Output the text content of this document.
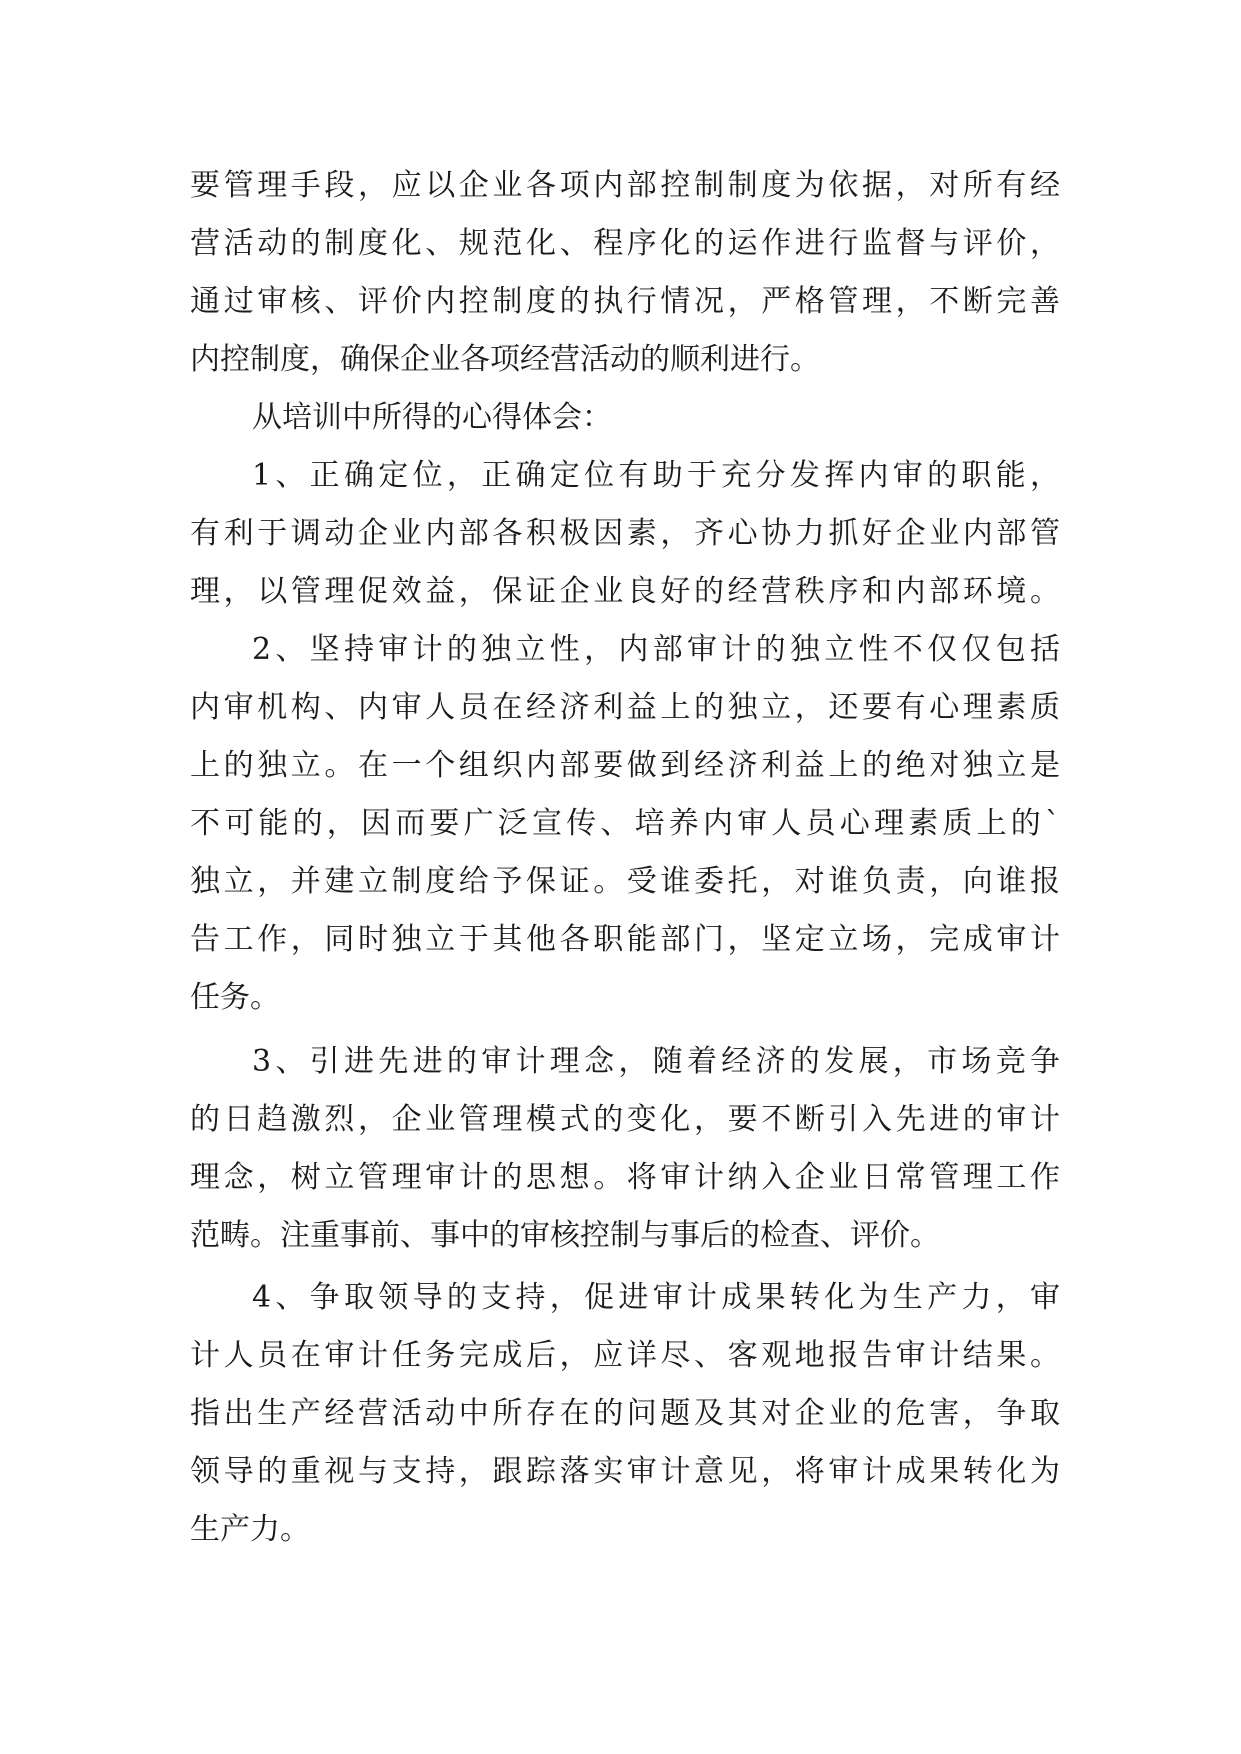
要管理手段，应以企业各项内部控制制度为依据，对所有经
营活动的制度化、规范化、程序化的运作进行监督与评价，
通过审核、评价内控制度的执行情况，严格管理，不断完善
内控制度，确保企业各项经营活动的顺利进行。
从培训中所得的心得体会：
1、正确定位，正确定位有助于充分发挥内审的职能，
有利于调动企业内部各积极因素，齐心协力抓好企业内部管
理，以管理促效益，保证企业良好的经营秩序和内部环境。
2、坚持审计的独立性，内部审计的独立性不仅仅包括
内审机构、内审人员在经济利益上的独立，还要有心理素质
上的独立。在一个组织内部要做到经济利益上的绝对独立是
不可能的，因而要广泛宣传、培养内审人员心理素质上的`
独立，并建立制度给予保证。受谁委托，对谁负责，向谁报
告工作，同时独立于其他各职能部门，坚定立场，完成审计
任务。
3、引进先进的审计理念，随着经济的发展，市场竞争
的日趋激烈，企业管理模式的变化，要不断引入先进的审计
理念，树立管理审计的思想。将审计纳入企业日常管理工作
范畴。注重事前、事中的审核控制与事后的检查、评价。
4、争取领导的支持，促进审计成果转化为生产力，审
计人员在审计任务完成后，应详尽、客观地报告审计结果。
指出生产经营活动中所存在的问题及其对企业的危害，争取
领导的重视与支持，跟踪落实审计意见，将审计成果转化为
生产力。
